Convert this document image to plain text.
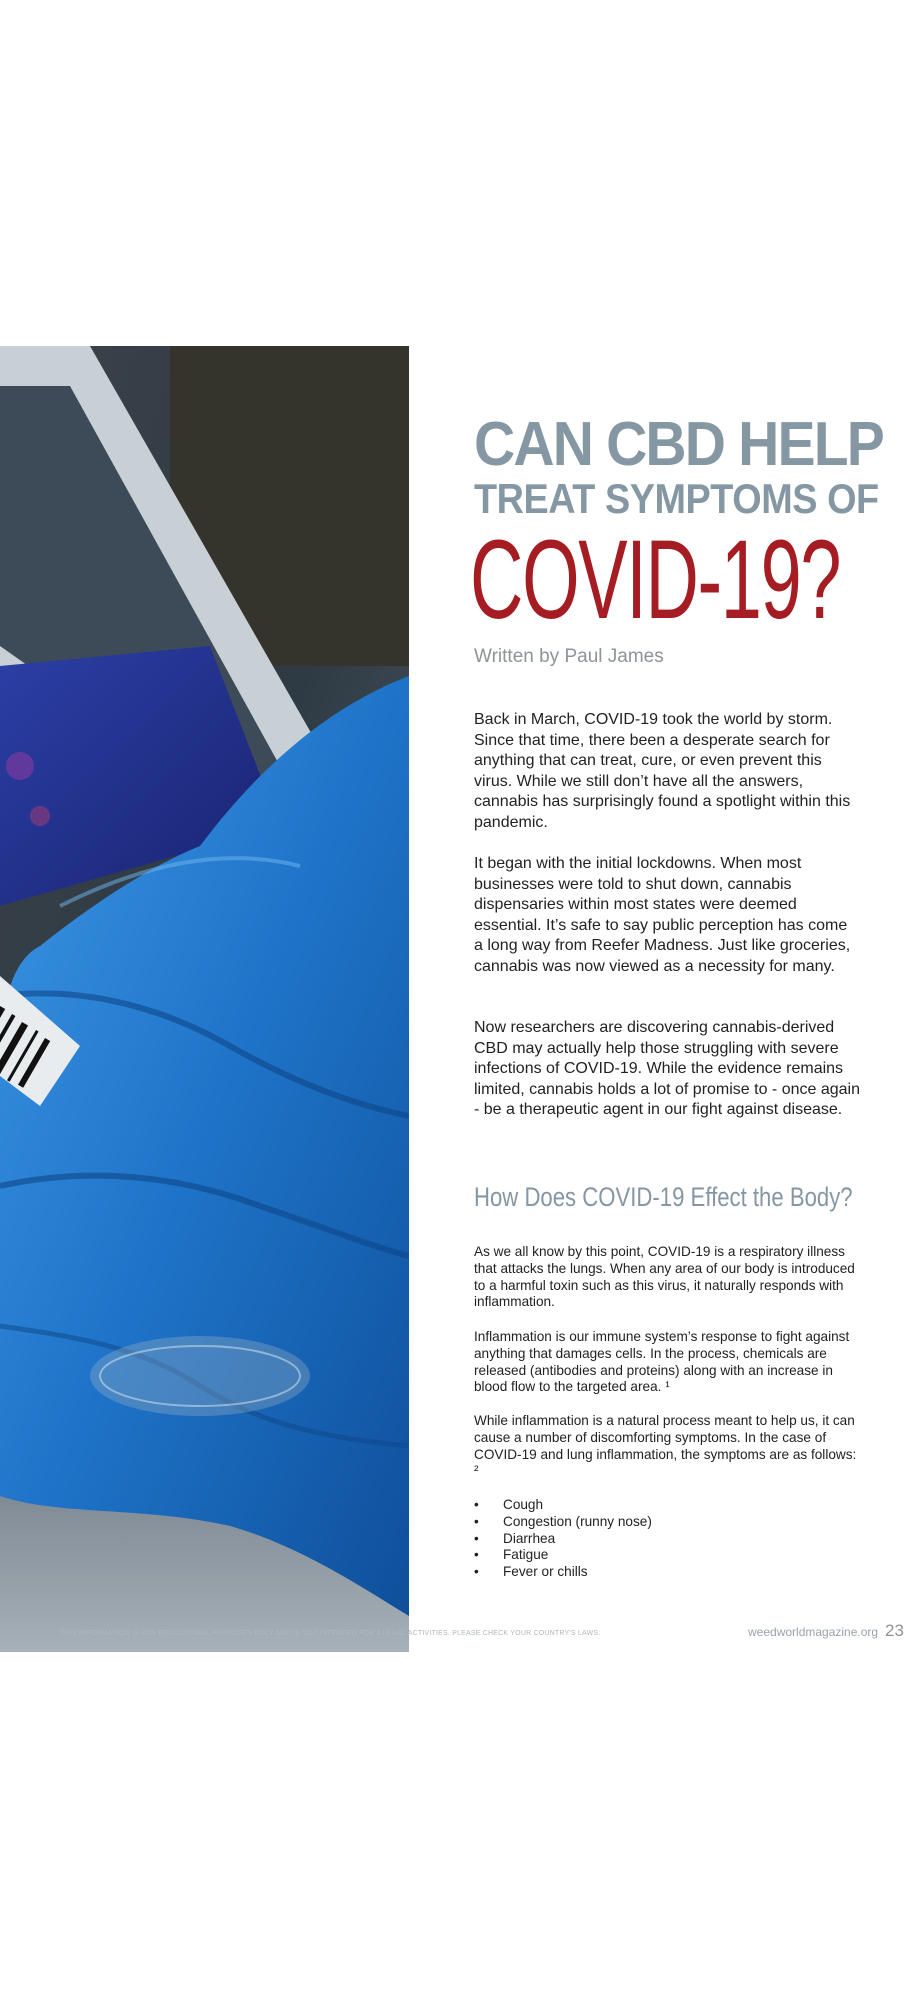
CAN CBD HELP
TREAT SYMPTOMS OF
COVID-19?
Written by Paul James

Back in March, COVID-19 took the world by storm. Since that time, there been a desperate search for anything that can treat, cure, or even prevent this virus. While we still don’t have all the answers, cannabis has surprisingly found a spotlight within this pandemic.

It began with the initial lockdowns. When most businesses were told to shut down, cannabis dispensaries within most states were deemed essential. It’s safe to say public perception has come a long way from Reefer Madness. Just like groceries, cannabis was now viewed as a necessity for many.

Now researchers are discovering cannabis-derived CBD may actually help those struggling with severe infections of COVID-19. While the evidence remains limited, cannabis holds a lot of promise to - once again - be a therapeutic agent in our fight against disease.

How Does COVID-19 Effect the Body?

As we all know by this point, COVID-19 is a respiratory illness that attacks the lungs. When any area of our body is introduced to a harmful toxin such as this virus, it naturally responds with inflammation.

Inflammation is our immune system’s response to fight against anything that damages cells. In the process, chemicals are released (antibodies and proteins) along with an increase in blood flow to the targeted area. ¹

While inflammation is a natural process meant to help us, it can cause a number of discomforting symptoms. In the case of COVID-19 and lung inflammation, the symptoms are as follows: ²

• Cough
• Congestion (runny nose)
• Diarrhea
• Fatigue
• Fever or chills
THIS INFORMATION IS FOR EDUCATIONAL PURPOSES ONLY AND IS NOT INTENDED FOR ILLEGAL ACTIVITIES. PLEASE CHECK YOUR COUNTRY'S LAWS.	weedworldmagazine.org 23
